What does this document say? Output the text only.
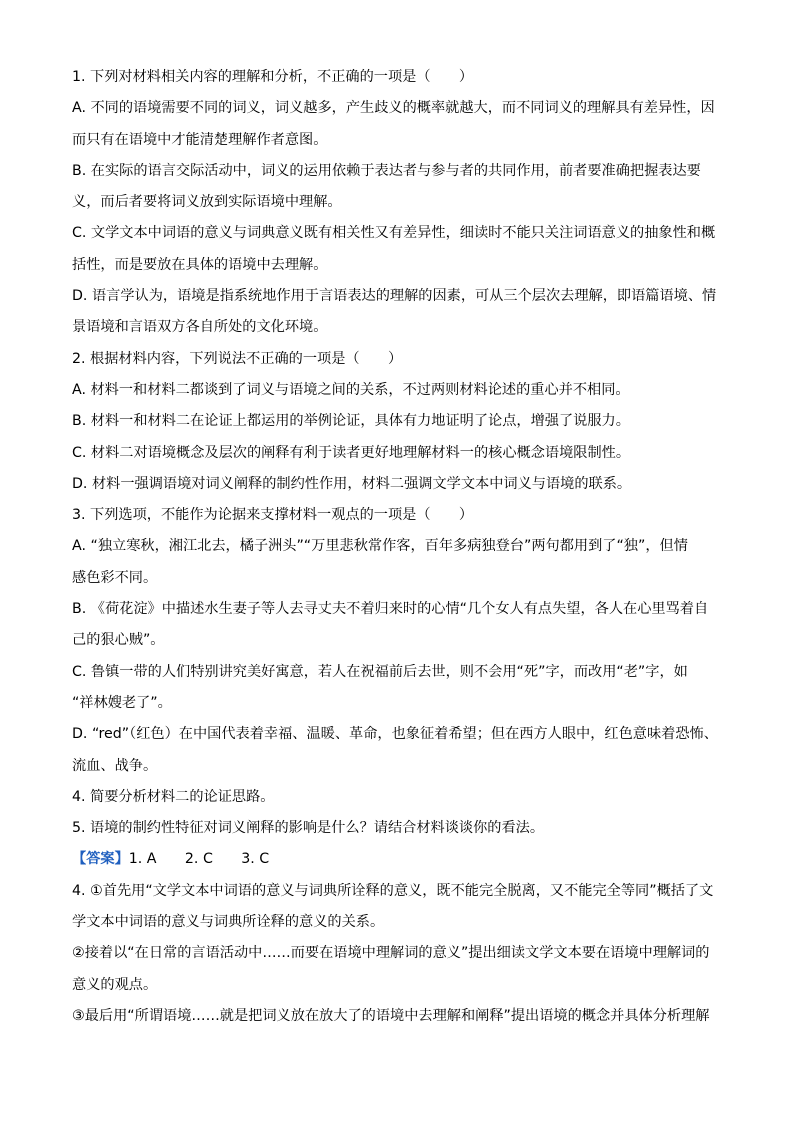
1. 下列对材料相关内容的理解和分析，不正确的一项是（　　）
A. 不同的语境需要不同的词义，词义越多，产生歧义的概率就越大，而不同词义的理解具有差异性，因
而只有在语境中才能清楚理解作者意图。
B. 在实际的语言交际活动中，词义的运用依赖于表达者与参与者的共同作用，前者要准确把握表达要
义，而后者要将词义放到实际语境中理解。
C. 文学文本中词语的意义与词典意义既有相关性又有差异性，细读时不能只关注词语意义的抽象性和概
括性，而是要放在具体的语境中去理解。
D. 语言学认为，语境是指系统地作用于言语表达的理解的因素，可从三个层次去理解，即语篇语境、情
景语境和言语双方各自所处的文化环境。
2. 根据材料内容，下列说法不正确的一项是（　　）
A. 材料一和材料二都谈到了词义与语境之间的关系，不过两则材料论述的重心并不相同。
B. 材料一和材料二在论证上都运用的举例论证，具体有力地证明了论点，增强了说服力。
C. 材料二对语境概念及层次的阐释有利于读者更好地理解材料一的核心概念语境限制性。
D. 材料一强调语境对词义阐释的制约性作用，材料二强调文学文本中词义与语境的联系。
3. 下列选项，不能作为论据来支撑材料一观点的一项是（　　）
A. “独立寒秋，湘江北去，橘子洲头”“万里悲秋常作客，百年多病独登台”两句都用到了“独”，但情
感色彩不同。
B. 《荷花淀》中描述水生妻子等人去寻丈夫不着归来时的心情“几个女人有点失望，各人在心里骂着自
己的狠心贼”。
C. 鲁镇一带的人们特别讲究美好寓意，若人在祝福前后去世，则不会用“死”字，而改用“老”字，如
“祥林嫂老了”。
D. “red”（红色）在中国代表着幸福、温暖、革命，也象征着希望；但在西方人眼中，红色意味着恐怖、
流血、战争。
4. 简要分析材料二的论证思路。
5. 语境的制约性特征对词义阐释的影响是什么？请结合材料谈谈你的看法。
【答案】1. A　　2. C　　3. C
4. ①首先用“文学文本中词语的意义与词典所诠释的意义，既不能完全脱离，又不能完全等同”概括了文
学文本中词语的意义与词典所诠释的意义的关系。
②接着以“在日常的言语活动中……而要在语境中理解词的意义”提出细读文学文本要在语境中理解词的
意义的观点。
③最后用“所谓语境……就是把词义放在放大了的语境中去理解和阐释”提出语境的概念并具体分析理解
